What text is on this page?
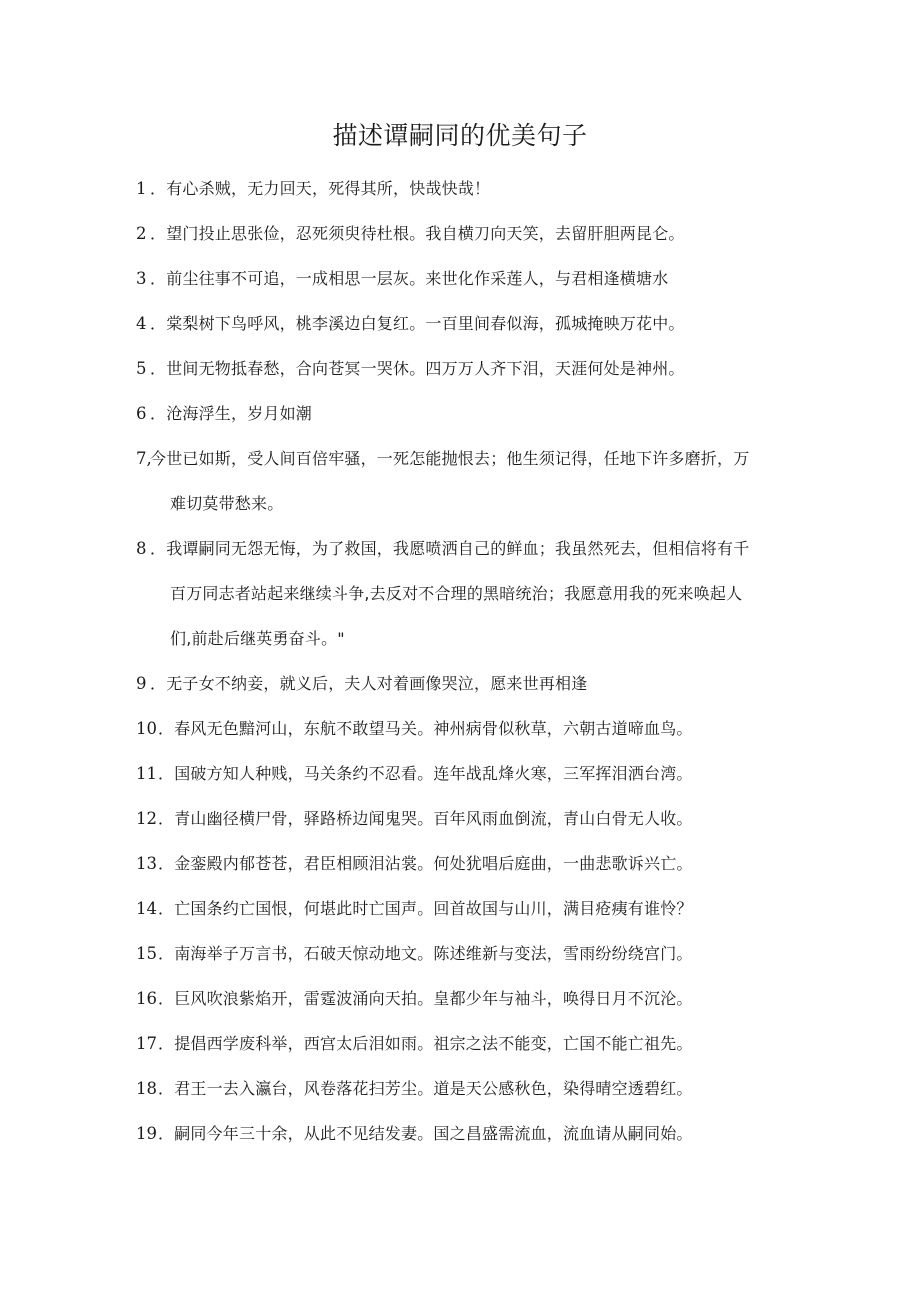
描述谭嗣同的优美句子
1 ．有心杀贼，无力回天，死得其所，快哉快哉！
2 ．望门投止思张俭，忍死须臾待杜根。我自横刀向天笑，去留肝胆两昆仑。
3 ．前尘往事不可追，一成相思一层灰。来世化作采莲人，与君相逢横塘水
4 ．棠梨树下鸟呼风，桃李溪边白复红。一百里间春似海，孤城掩映万花中。
5 ．世间无物抵春愁，合向苍冥一哭休。四万万人齐下泪，天涯何处是神州。
6 ．沧海浮生，岁月如潮
7,
今世已如斯，受人间百倍牢骚，一死怎能抛恨去；他生须记得，任地下许多磨折，万
难切莫带愁来。
8 ．我谭嗣同无怨无悔，为了救国，我愿喷洒自己的鲜血；我虽然死去，但相信将有千
百万同志者站起来继续斗争,去反对不合理的黑暗统治；我愿意用我的死来唤起人
们,前赴后继英勇奋斗。"
9 ．无子女不纳妾，就义后，夫人对着画像哭泣，愿来世再相逢
10 ．春风无色黯河山，东航不敢望马关。神州病骨似秋草，六朝古道啼血鸟。
11 ．国破方知人种贱，马关条约不忍看。连年战乱烽火寒，三军挥泪洒台湾。
12 ．青山幽径横尸骨，驿路桥边闻鬼哭。百年风雨血倒流，青山白骨无人收。
13 ．金銮殿内郁苍苍，君臣相顾泪沾裳。何处犹唱后庭曲，一曲悲歌诉兴亡。
14 ．亡国条约亡国恨，何堪此时亡国声。回首故国与山川，满目疮痍有谁怜？
15 ．南海举子万言书，石破天惊动地文。陈述维新与变法，雪雨纷纷绕宫门。
16 ．巨风吹浪紫焰开，雷霆波涌向天拍。皇都少年与袖斗，唤得日月不沉沦。
17 ．提倡西学废科举，西宫太后泪如雨。祖宗之法不能变，亡国不能亡祖先。
18 ．君王一去入瀛台，风卷落花扫芳尘。道是天公感秋色，染得晴空透碧红。
19 ．嗣同今年三十余，从此不见结发妻。国之昌盛需流血，流血请从嗣同始。
